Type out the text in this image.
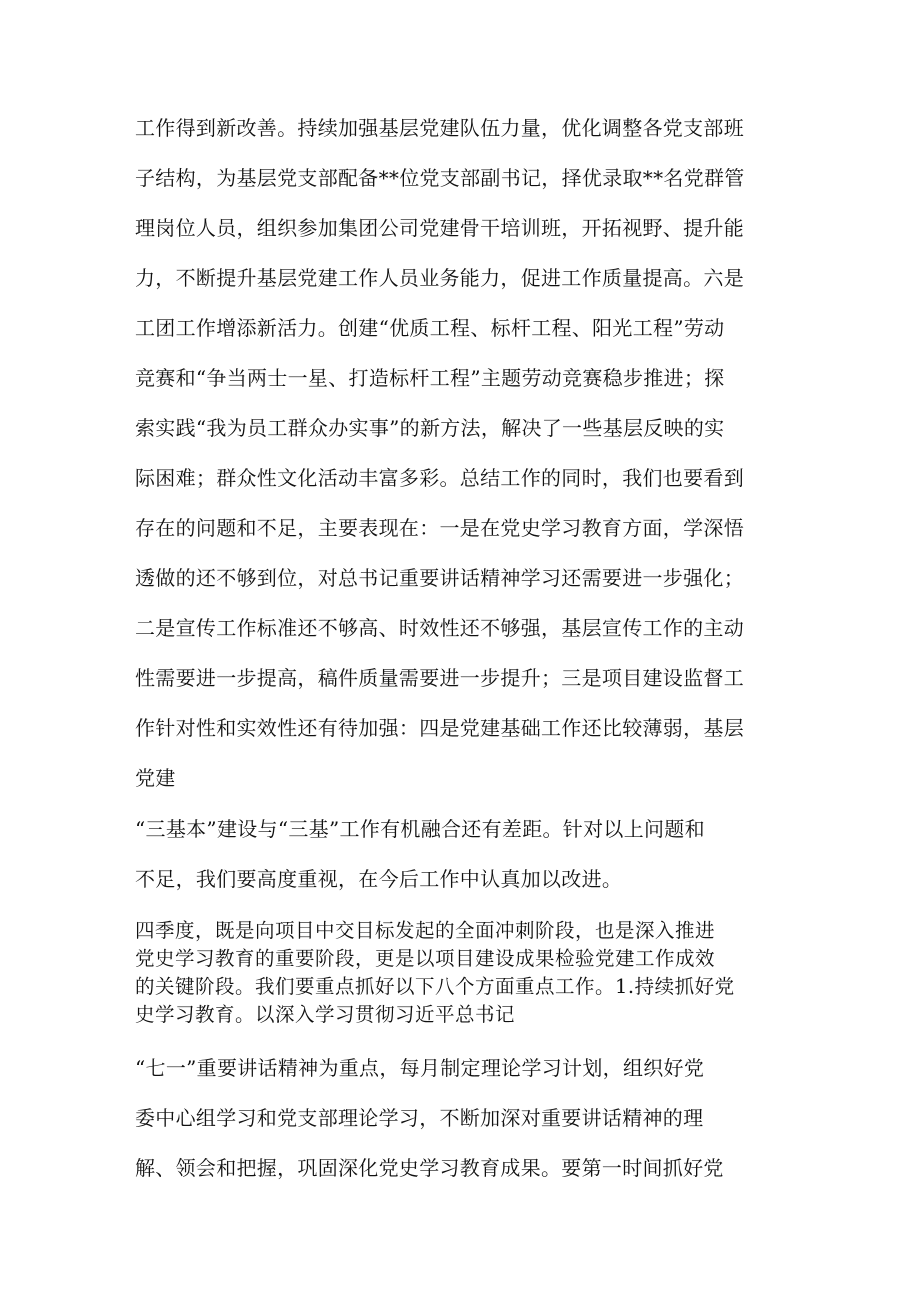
工作得到新改善。持续加强基层党建队伍力量，优化调整各党支部班
子结构，为基层党支部配备**位党支部副书记，择优录取**名党群管
理岗位人员，组织参加集团公司党建骨干培训班，开拓视野、提升能
力，不断提升基层党建工作人员业务能力，促进工作质量提高。六是
工团工作增添新活力。创建“优质工程、标杆工程、阳光工程”劳动
竞赛和“争当两士一星、打造标杆工程”主题劳动竞赛稳步推进；探
索实践“我为员工群众办实事”的新方法，解决了一些基层反映的实
际困难；群众性文化活动丰富多彩。总结工作的同时，我们也要看到
存在的问题和不足，主要表现在：一是在党史学习教育方面，学深悟
透做的还不够到位，对总书记重要讲话精神学习还需要进一步强化；
二是宣传工作标准还不够高、时效性还不够强，基层宣传工作的主动
性需要进一步提高，稿件质量需要进一步提升；三是项目建设监督工
作针对性和实效性还有待加强：四是党建基础工作还比较薄弱，基层
党建
“三基本”建设与“三基”工作有机融合还有差距。针对以上问题和
不足，我们要高度重视，在今后工作中认真加以改进。
四季度，既是向项目中交目标发起的全面冲刺阶段，也是深入推进
党史学习教育的重要阶段，更是以项目建设成果检验党建工作成效
的关键阶段。我们要重点抓好以下八个方面重点工作。1.持续抓好党
史学习教育。以深入学习贯彻习近平总书记
“七一”重要讲话精神为重点，每月制定理论学习计划，组织好党
委中心组学习和党支部理论学习，不断加深对重要讲话精神的理
解、领会和把握，巩固深化党史学习教育成果。要第一时间抓好党
